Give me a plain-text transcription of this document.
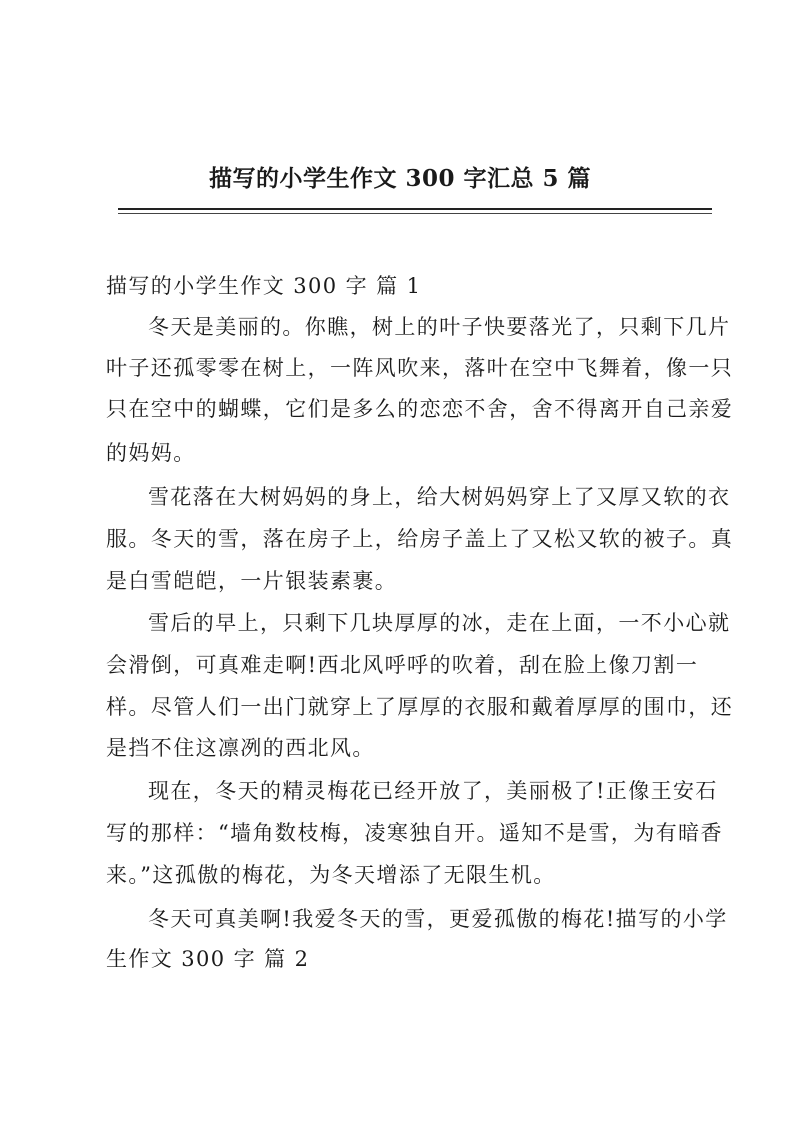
描写的小学生作文 300 字汇总 5 篇
描写的小学生作文 300 字 篇 1
冬天是美丽的。你瞧，树上的叶子快要落光了，只剩下几片
叶子还孤零零在树上，一阵风吹来，落叶在空中飞舞着，像一只
只在空中的蝴蝶，它们是多么的恋恋不舍，舍不得离开自己亲爱
的妈妈。
雪花落在大树妈妈的身上，给大树妈妈穿上了又厚又软的衣
服。冬天的雪，落在房子上，给房子盖上了又松又软的被子。真
是白雪皑皑，一片银装素裹。
雪后的早上，只剩下几块厚厚的冰，走在上面，一不小心就
会滑倒，可真难走啊!西北风呼呼的吹着，刮在脸上像刀割一
样。尽管人们一出门就穿上了厚厚的衣服和戴着厚厚的围巾，还
是挡不住这凛冽的西北风。
现在，冬天的精灵梅花已经开放了，美丽极了!正像王安石
写的那样：“墙角数枝梅，凌寒独自开。遥知不是雪，为有暗香
来。”这孤傲的梅花，为冬天增添了无限生机。
冬天可真美啊!我爱冬天的雪，更爱孤傲的梅花!描写的小学
生作文 300 字 篇 2
